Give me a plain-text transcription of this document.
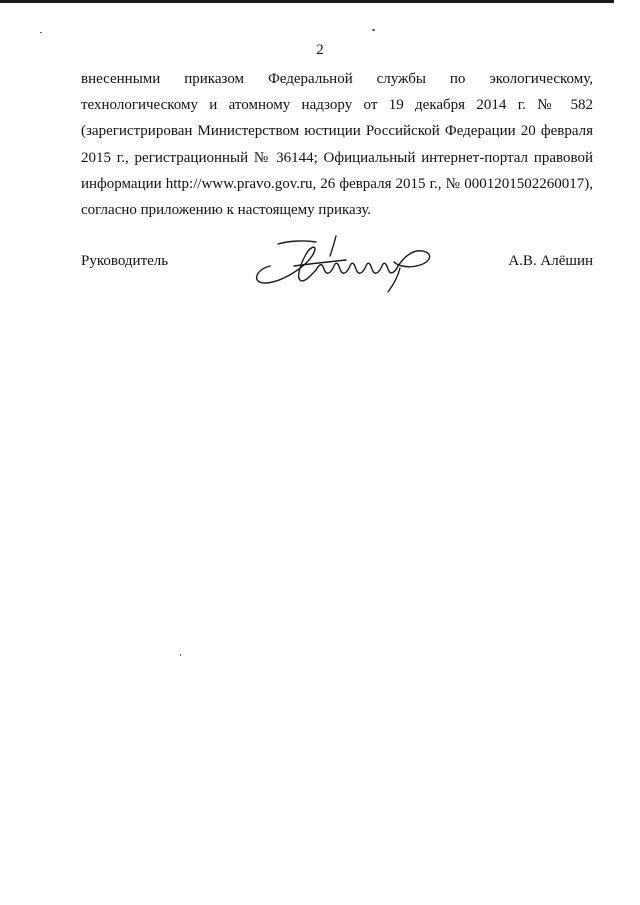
2
внесенными приказом Федеральной службы по экологическому,
технологическому и атомному надзору от 19 декабря 2014 г. № 582
(зарегистрирован Министерством юстиции Российской Федерации 20 февраля
2015 г., регистрационный № 36144; Официальный интернет-портал правовой
информации http://www.pravo.gov.ru, 26 февраля 2015 г., № 0001201502260017),
согласно приложению к настоящему приказу.
Руководитель	А.В. Алёшин
